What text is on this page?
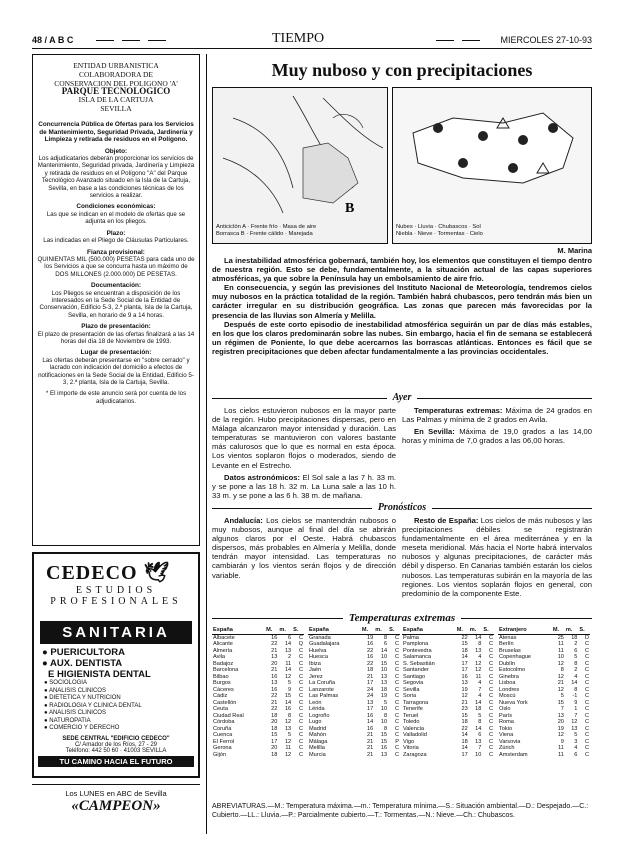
48 / A B C	TIEMPO	MIERCOLES 27-10-93
ENTIDAD URBANISTICA
COLABORADORA DE
CONSERVACION DEL POLIGONO 'A'
PARQUE TECNOLOGICO
ISLA DE LA CARTUJA
SEVILLA
Concurrencia Pública de Ofertas para los Servicios de Mantenimiento, Seguridad Privada, Jardinería y Limpieza y retirada de residuos en el Polígono.
Objeto:
Los adjudicatarios deberán proporcionar los servicios de Mantenimiento, Seguridad privada, Jardinería y Limpieza y retirada de residuos en el Polígono "A" del Parque Tecnológico Avanzado situado en la Isla de la Cartuja, Sevilla, en base a las condiciones técnicas de los servicios a realizar.
Condiciones económicas:
Las que se indican en el modelo de ofertas que se adjunta en los pliegos.
Plazo:
Las indicadas en el Pliego de Cláusulas Particulares.
Fianza provisional:
QUINIENTAS MIL (500.000) PESETAS para cada uno de los Servicios a que se concurra hasta un máximo de DOS MILLONES (2.000.000) DE PESETAS.
Documentación:
Los Pliegos se encuentran a disposición de los interesados en la Sede Social de la Entidad de Conservación, Edificio 5-3, 2.ª planta, Isla de la Cartuja, Sevilla, en horario de 9 a 14 horas.
Plazo de presentación:
El plazo de presentación de las ofertas finalizará a las 14 horas del día 18 de Noviembre de 1993.
Lugar de presentación:
Las ofertas deberán presentarse en "sobre cerrado" y lacrado con indicación del domicilio a efectos de notificaciones en la Sede Social de la Entidad, Edificio 5-3, 2.ª planta, Isla de la Cartuja, Sevilla.
* El importe de este anuncio será por cuenta de los adjudicatarios.
CEDECO 🕊
ESTUDIOS PROFESIONALES
SANITARIA
● PUERICULTORA
● AUX. DENTISTA
E HIGIENISTA DENTAL
● SOCIOLOGIA
● ANALISIS CLINICOS
● DIETETICA Y NUTRICION
● RADIOLOGIA Y CLINICA DENTAL
● ANALISIS CLINICOS
● NATUROPATIA
● COMERCIO Y DERECHO
SEDE CENTRAL "EDIFICIO CEDECO"
C/ Amador de los Ríos, 27 - 29
Teléfono: 442 50 60 · 41003 SEVILLA
TU CAMINO HACIA EL FUTURO
Los LUNES en ABC de Sevilla
«CAMPEON»
Muy nuboso y con precipitaciones
B
Anticiclón A · Frente frío · Masa de aire
Borrasca B · Frente cálido · Marejada
Nubes · Lluvia · Chubascos · Sol
Niebla · Nieve · Tormentas · Cielo
M. Marina

La inestabilidad atmosférica gobernará, también hoy, los elementos que constituyen el tiempo dentro de nuestra región. Esto se debe, fundamentalmente, a la situación actual de las capas superiores atmosféricas, ya que sobre la Península hay un embolsamiento de aire frío.

En consecuencia, y según las previsiones del Instituto Nacional de Meteorología, tendremos cielos muy nubosos en la práctica totalidad de la región. También habrá chubascos, pero tendrán más bien un carácter irregular en su distribución geográfica. Las zonas que parecen más favorecidas por la presencia de las lluvias son Almería y Melilla.

Después de este corto episodio de inestabilidad atmosférica seguirán un par de días más estables, en los que los claros predominarán sobre las nubes. Sin embargo, hacia el fin de semana se establecerá un régimen de Poniente, lo que debe acercarnos las borrascas atlánticas. Entonces es fácil que se registren precipitaciones que deben afectar fundamentalmente a las provincias occidentales.

Ayer

Los cielos estuvieron nubosos en la mayor parte de la región. Hubo precipitaciones dispersas, pero en Málaga alcanzaron mayor intensidad y duración. Las temperaturas se mantuvieron con valores bastante más calurosos que lo que es normal en esta época. Los vientos soplaron flojos o moderados, siendo de Levante en el Estrecho.

Datos astronómicos: El Sol sale a las 7 h. 33 m. y se pone a las 18 h. 32 m. La Luna sale a las 10 h. 33 m. y se pone a las 6 h. 38 m. de mañana.

Temperaturas extremas: Máxima de 24 grados en Las Palmas y mínima de 2 grados en Avila.

En Sevilla: Máxima de 19,0 grados a las 14,00 horas y mínima de 7,0 grados a las 06,00 horas.

Pronósticos

Andalucía: Los cielos se mantendrán nubosos o muy nubosos, aunque al final del día se abrirán algunos claros por el Oeste. Habrá chubascos dispersos, más probables en Almería y Melilla, donde tendrán mayor intensidad. Las temperaturas no cambiarán y los vientos serán flojos y de dirección variable.

Resto de España: Los cielos de más nubosos y las precipitaciones débiles se registrarán fundamentalmente en el área mediterránea y en la meseta meridional. Más hacia el Norte habrá intervalos nubosos y algunas precipitaciones, de carácter más débil y disperso. En Canarias también estarán los cielos nubosos. Las temperaturas subirán en la mayoría de las regiones. Los vientos soplarán flojos en general, con predominio de la componente Este.

Temperaturas extremas
España	M.	m.	S.
Albacete	16	6	C
Alicante	22	14	Q
Almería	21	13	C
Avila	13	2	C
Badajoz	20	11	C
Barcelona	21	14	C
Bilbao	16	12	C
Burgos	13	5	C
Cáceres	16	9	C
Cádiz	22	15	C
Castellón	21	14	C
Ceuta	22	16	C
Ciudad Real	18	8	C
Córdoba	20	12	C
Coruña	18	13	C
Cuenca	15	5	C
El Ferrol	17	12	C
Gerona	20	11	C
Gijón	18	12	C
España	M.	m.	S.
Granada	19	8	C
Guadalajara	16	6	C
Huelva	22	14	C
Huesca	16	10	C
Ibiza	22	15	C
Jaén	18	10	C
Jerez	21	13	C
La Coruña	17	13	C
Lanzarote	24	18	C
Las Palmas	24	19	C
León	13	5	C
Lérida	17	10	C
Logroño	16	8	C
Lugo	14	10	C
Madrid	16	8	C
Mahón	21	15	C
Málaga	21	15	P
Melilla	21	16	C
Murcia	21	13	C
España	M.	m.	S.
Palma	22	14	C
Pamplona	15	8	C
Pontevedra	18	13	C
Salamanca	14	4	C
S. Sebastián	17	12	C
Santander	17	12	C
Santiago	16	11	C
Segovia	13	4	C
Sevilla	19	7	C
Soria	12	4	C
Tarragona	21	14	C
Tenerife	23	18	C
Teruel	15	5	C
Toledo	18	8	C
Valencia	22	14	C
Valladolid	14	6	C
Vigo	18	13	C
Vitoria	14	7	C
Zaragoza	17	10	C
Extranjero	M.	m.	S.
Atenas	25	18	D
Berlín	11	2	C
Bruselas	11	6	C
Copenhague	10	5	C
Dublín	12	8	C
Estocolmo	8	2	C
Ginebra	12	4	C
Lisboa	21	14	C
Londres	12	8	C
Moscú	5	-1	C
Nueva York	15	9	C
Oslo	7	1	C
París	13	7	C
Roma	20	12	C
Tokio	19	13	C
Viena	12	5	C
Varsovia	9	3	C
Zúrich	11	4	C
Amsterdam	11	6	C
ABREVIATURAS.—M.: Temperatura máxima.—m.: Temperatura mínima.—S.: Situación ambiental.—D.: Despejado.—C.: Cubierto.—LL.: Lluvia.—P.: Parcialmente cubierto.—T.: Tormentas.—N.: Nieve.—Ch.: Chubascos.
